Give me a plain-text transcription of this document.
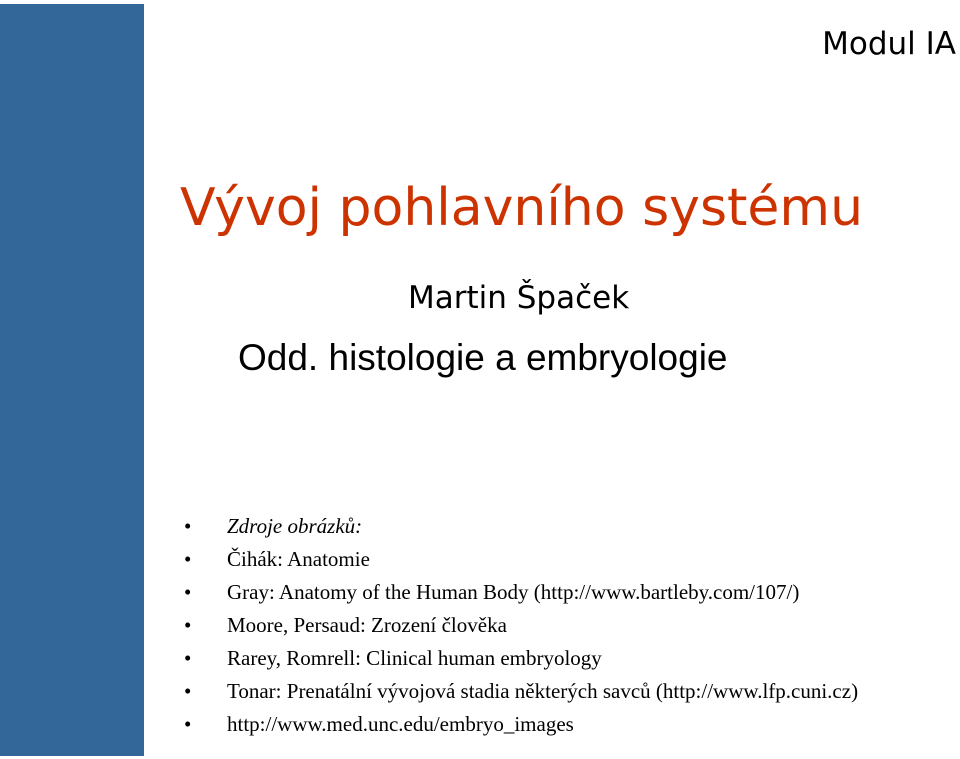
Modul IA
Vývoj pohlavního systému
Martin Špaček
Odd. histologie a embryologie
• Zdroje obrázků:
• Čihák: Anatomie
• Gray: Anatomy of the Human Body (http://www.bartleby.com/107/)
• Moore, Persaud: Zrození člověka
• Rarey, Romrell: Clinical human embryology
• Tonar: Prenatální vývojová stadia některých savců (http://www.lfp.cuni.cz)
• http://www.med.unc.edu/embryo_images
